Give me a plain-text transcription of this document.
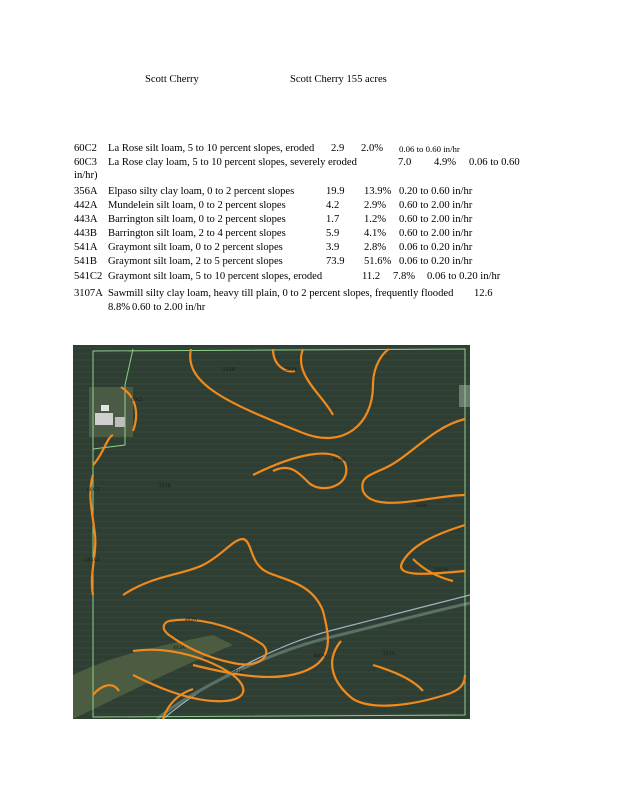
Scott Cherry	Scott Cherry 155 acres
60C2 La Rose silt loam, 5 to 10 percent slopes, eroded 2.9 2.0% 0.06 to 0.60 in/hr
60C3 La Rose clay loam, 5 to 10 percent slopes, severely eroded	7.0 4.9% 0.06 to 0.60
in/hr)
356A Elpaso silty clay loam, 0 to 2 percent slopes	19.9 13.9% 0.20 to 0.60 in/hr
442A Mundelein silt loam, 0 to 2 percent slopes	4.2 2.9% 0.60 to 2.00 in/hr
443A Barrington silt loam, 0 to 2 percent slopes	1.7 1.2% 0.60 to 2.00 in/hr
443B Barrington silt loam, 2 to 4 percent slopes	5.9 4.1% 0.60 to 2.00 in/hr
541A Graymont silt loam, 0 to 2 percent slopes	3.9 2.8% 0.06 to 0.20 in/hr
541B Graymont silt loam, 2 to 5 percent slopes	73.9 51.6% 0.06 to 0.20 in/hr
541C2 Graymont silt loam, 5 to 10 percent slopes, eroded	11.2 7.8% 0.06 to 0.20 in/hr
3107A Sawmill silty clay loam, heavy till plain, 0 to 2 percent slopes, frequently flooded 12.6
8.8% 0.60 to 2.00 in/hr
541B	541A
60C2
60C3
541B
443B
356A
541C2
3107A
442A
443A
541B
356A	541A
